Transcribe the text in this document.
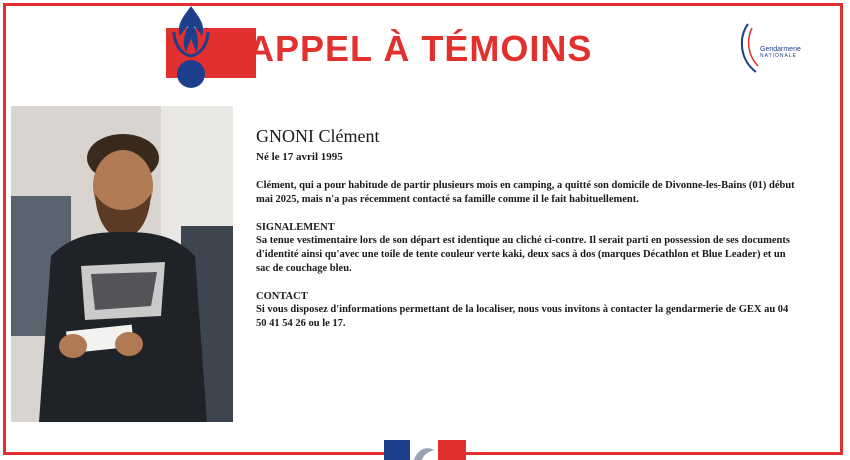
APPEL À TÉMOINS	Gendarmerie
NATIONALE

GNONI Clément

Né le 17 avril 1995

Clément, qui a pour habitude de partir plusieurs mois en camping, a quitté son domicile de Divonne-les-Bains (01) début mai 2025, mais n'a pas récemment contacté sa famille comme il le fait habituellement.

SIGNALEMENT

Sa tenue vestimentaire lors de son départ est identique au cliché ci-contre. Il serait parti en possession de ses documents d'identité ainsi qu'avec une toile de tente couleur verte kaki, deux sacs à dos (marques Décathlon et Blue Leader) et un sac de couchage bleu.

CONTACT

Si vous disposez d'informations permettant de la localiser, nous vous invitons à contacter la gendarmerie de GEX au 04 50 41 54 26 ou le 17.
